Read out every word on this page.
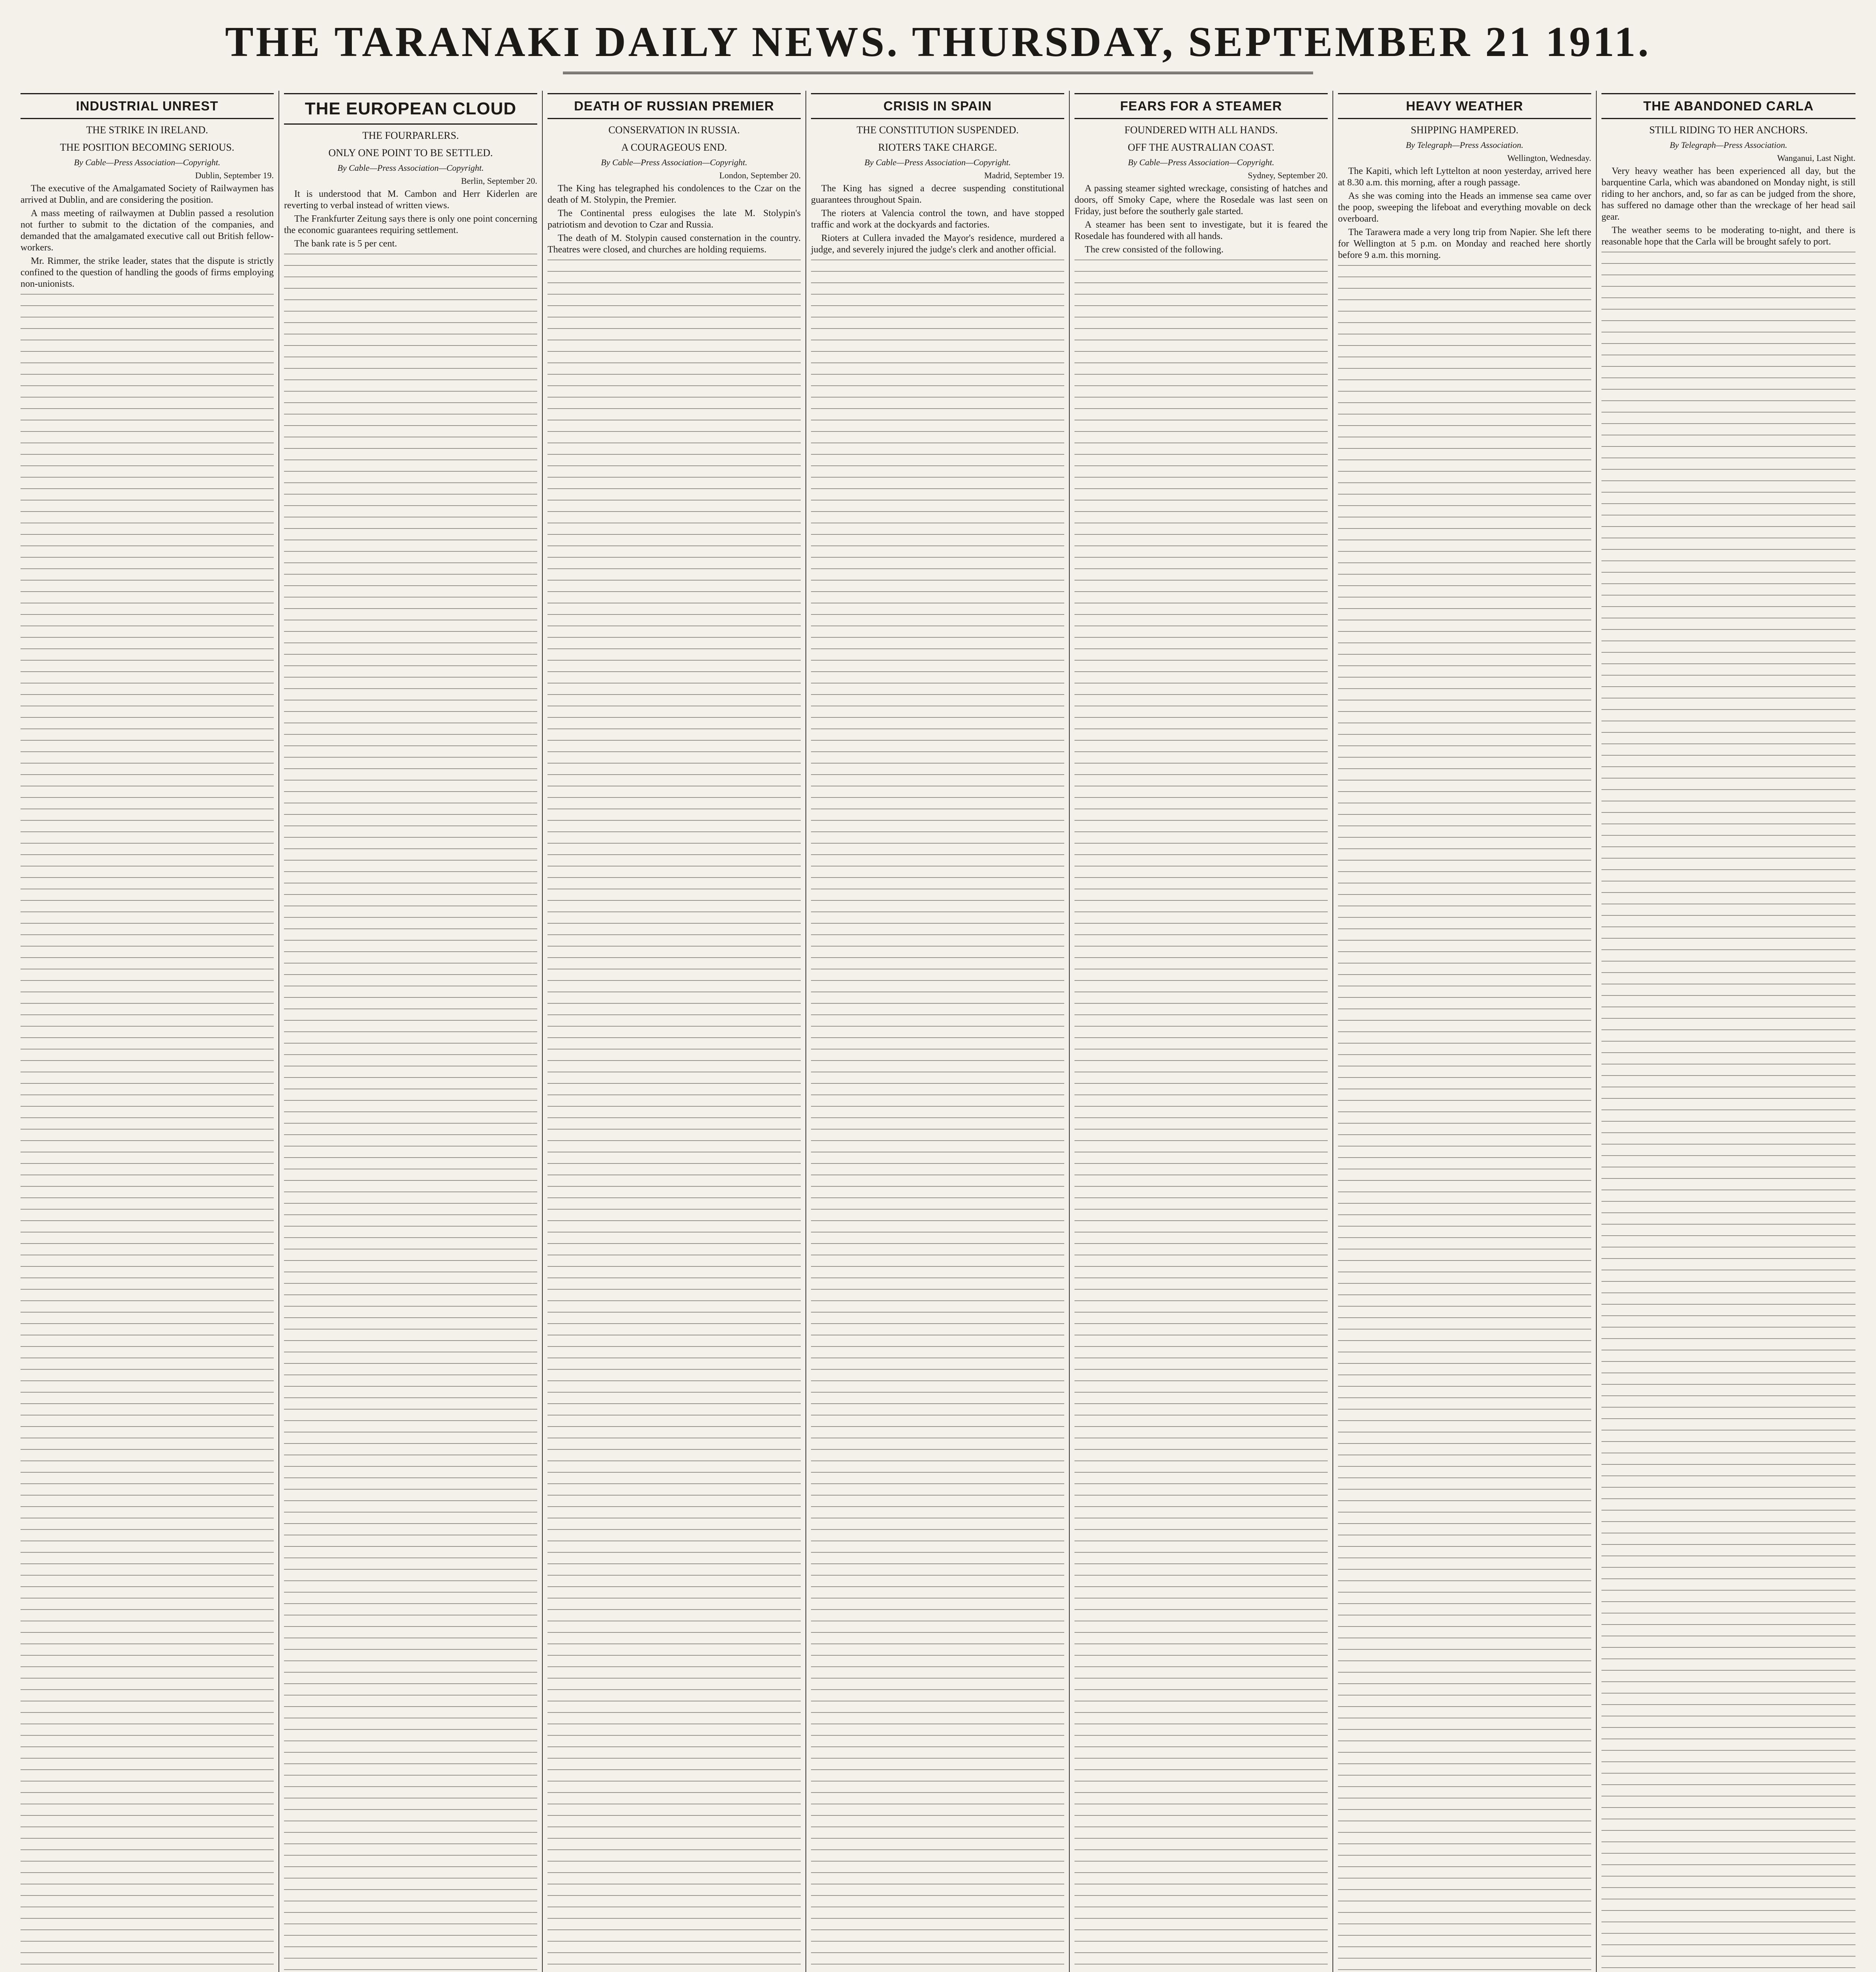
THE TARANAKI DAILY NEWS. THURSDAY, SEPTEMBER 21 1911.
INDUSTRIAL UNREST
THE STRIKE IN IRELAND.
THE POSITION BECOMING SERIOUS.
By Cable—Press Association—Copyright.
Dublin, September 19.

The executive of the Amalgamated Society of Railwaymen has arrived at Dublin, and are considering the position.

A mass meeting of railwaymen at Dublin passed a resolution not further to submit to the dictation of the companies, and demanded that the amalgamated executive call out British fellow-workers.

Mr. Rimmer, the strike leader, states that the dispute is strictly confined to the question of handling the goods of firms employing non-unionists.

THE EUROPEAN CLOUD
THE FOURPARLERS.
ONLY ONE POINT TO BE SETTLED.
By Cable—Press Association—Copyright.
Berlin, September 20.

It is understood that M. Cambon and Herr Kiderlen are reverting to verbal instead of written views.

The Frankfurter Zeitung says there is only one point concerning the economic guarantees requiring settlement.

The bank rate is 5 per cent.

DEATH OF RUSSIAN PREMIER
CONSERVATION IN RUSSIA.
A COURAGEOUS END.
By Cable—Press Association—Copyright.
London, September 20.

The King has telegraphed his condolences to the Czar on the death of M. Stolypin, the Premier.

The Continental press eulogises the late M. Stolypin's patriotism and devotion to Czar and Russia.

The death of M. Stolypin caused consternation in the country. Theatres were closed, and churches are holding requiems.

CRISIS IN SPAIN
THE CONSTITUTION SUSPENDED.
RIOTERS TAKE CHARGE.
By Cable—Press Association—Copyright.
Madrid, September 19.

The King has signed a decree suspending constitutional guarantees throughout Spain.

The rioters at Valencia control the town, and have stopped traffic and work at the dockyards and factories.

Rioters at Cullera invaded the Mayor's residence, murdered a judge, and severely injured the judge's clerk and another official.

FEARS FOR A STEAMER
FOUNDERED WITH ALL HANDS.
OFF THE AUSTRALIAN COAST.
By Cable—Press Association—Copyright.
Sydney, September 20.

A passing steamer sighted wreckage, consisting of hatches and doors, off Smoky Cape, where the Rosedale was last seen on Friday, just before the southerly gale started.

A steamer has been sent to investigate, but it is feared the Rosedale has foundered with all hands.

The crew consisted of the following.

HEAVY WEATHER
SHIPPING HAMPERED.
By Telegraph—Press Association.
Wellington, Wednesday.

The Kapiti, which left Lyttelton at noon yesterday, arrived here at 8.30 a.m. this morning, after a rough passage.

As she was coming into the Heads an immense sea came over the poop, sweeping the lifeboat and everything movable on deck overboard.

The Tarawera made a very long trip from Napier. She left there for Wellington at 5 p.m. on Monday and reached here shortly before 9 a.m. this morning.

THE ABANDONED CARLA
STILL RIDING TO HER ANCHORS.
By Telegraph—Press Association.
Wanganui, Last Night.

Very heavy weather has been experienced all day, but the barquentine Carla, which was abandoned on Monday night, is still riding to her anchors, and, so far as can be judged from the shore, has suffered no damage other than the wreckage of her head sail gear.

The weather seems to be moderating to-night, and there is reasonable hope that the Carla will be brought safely to port.
